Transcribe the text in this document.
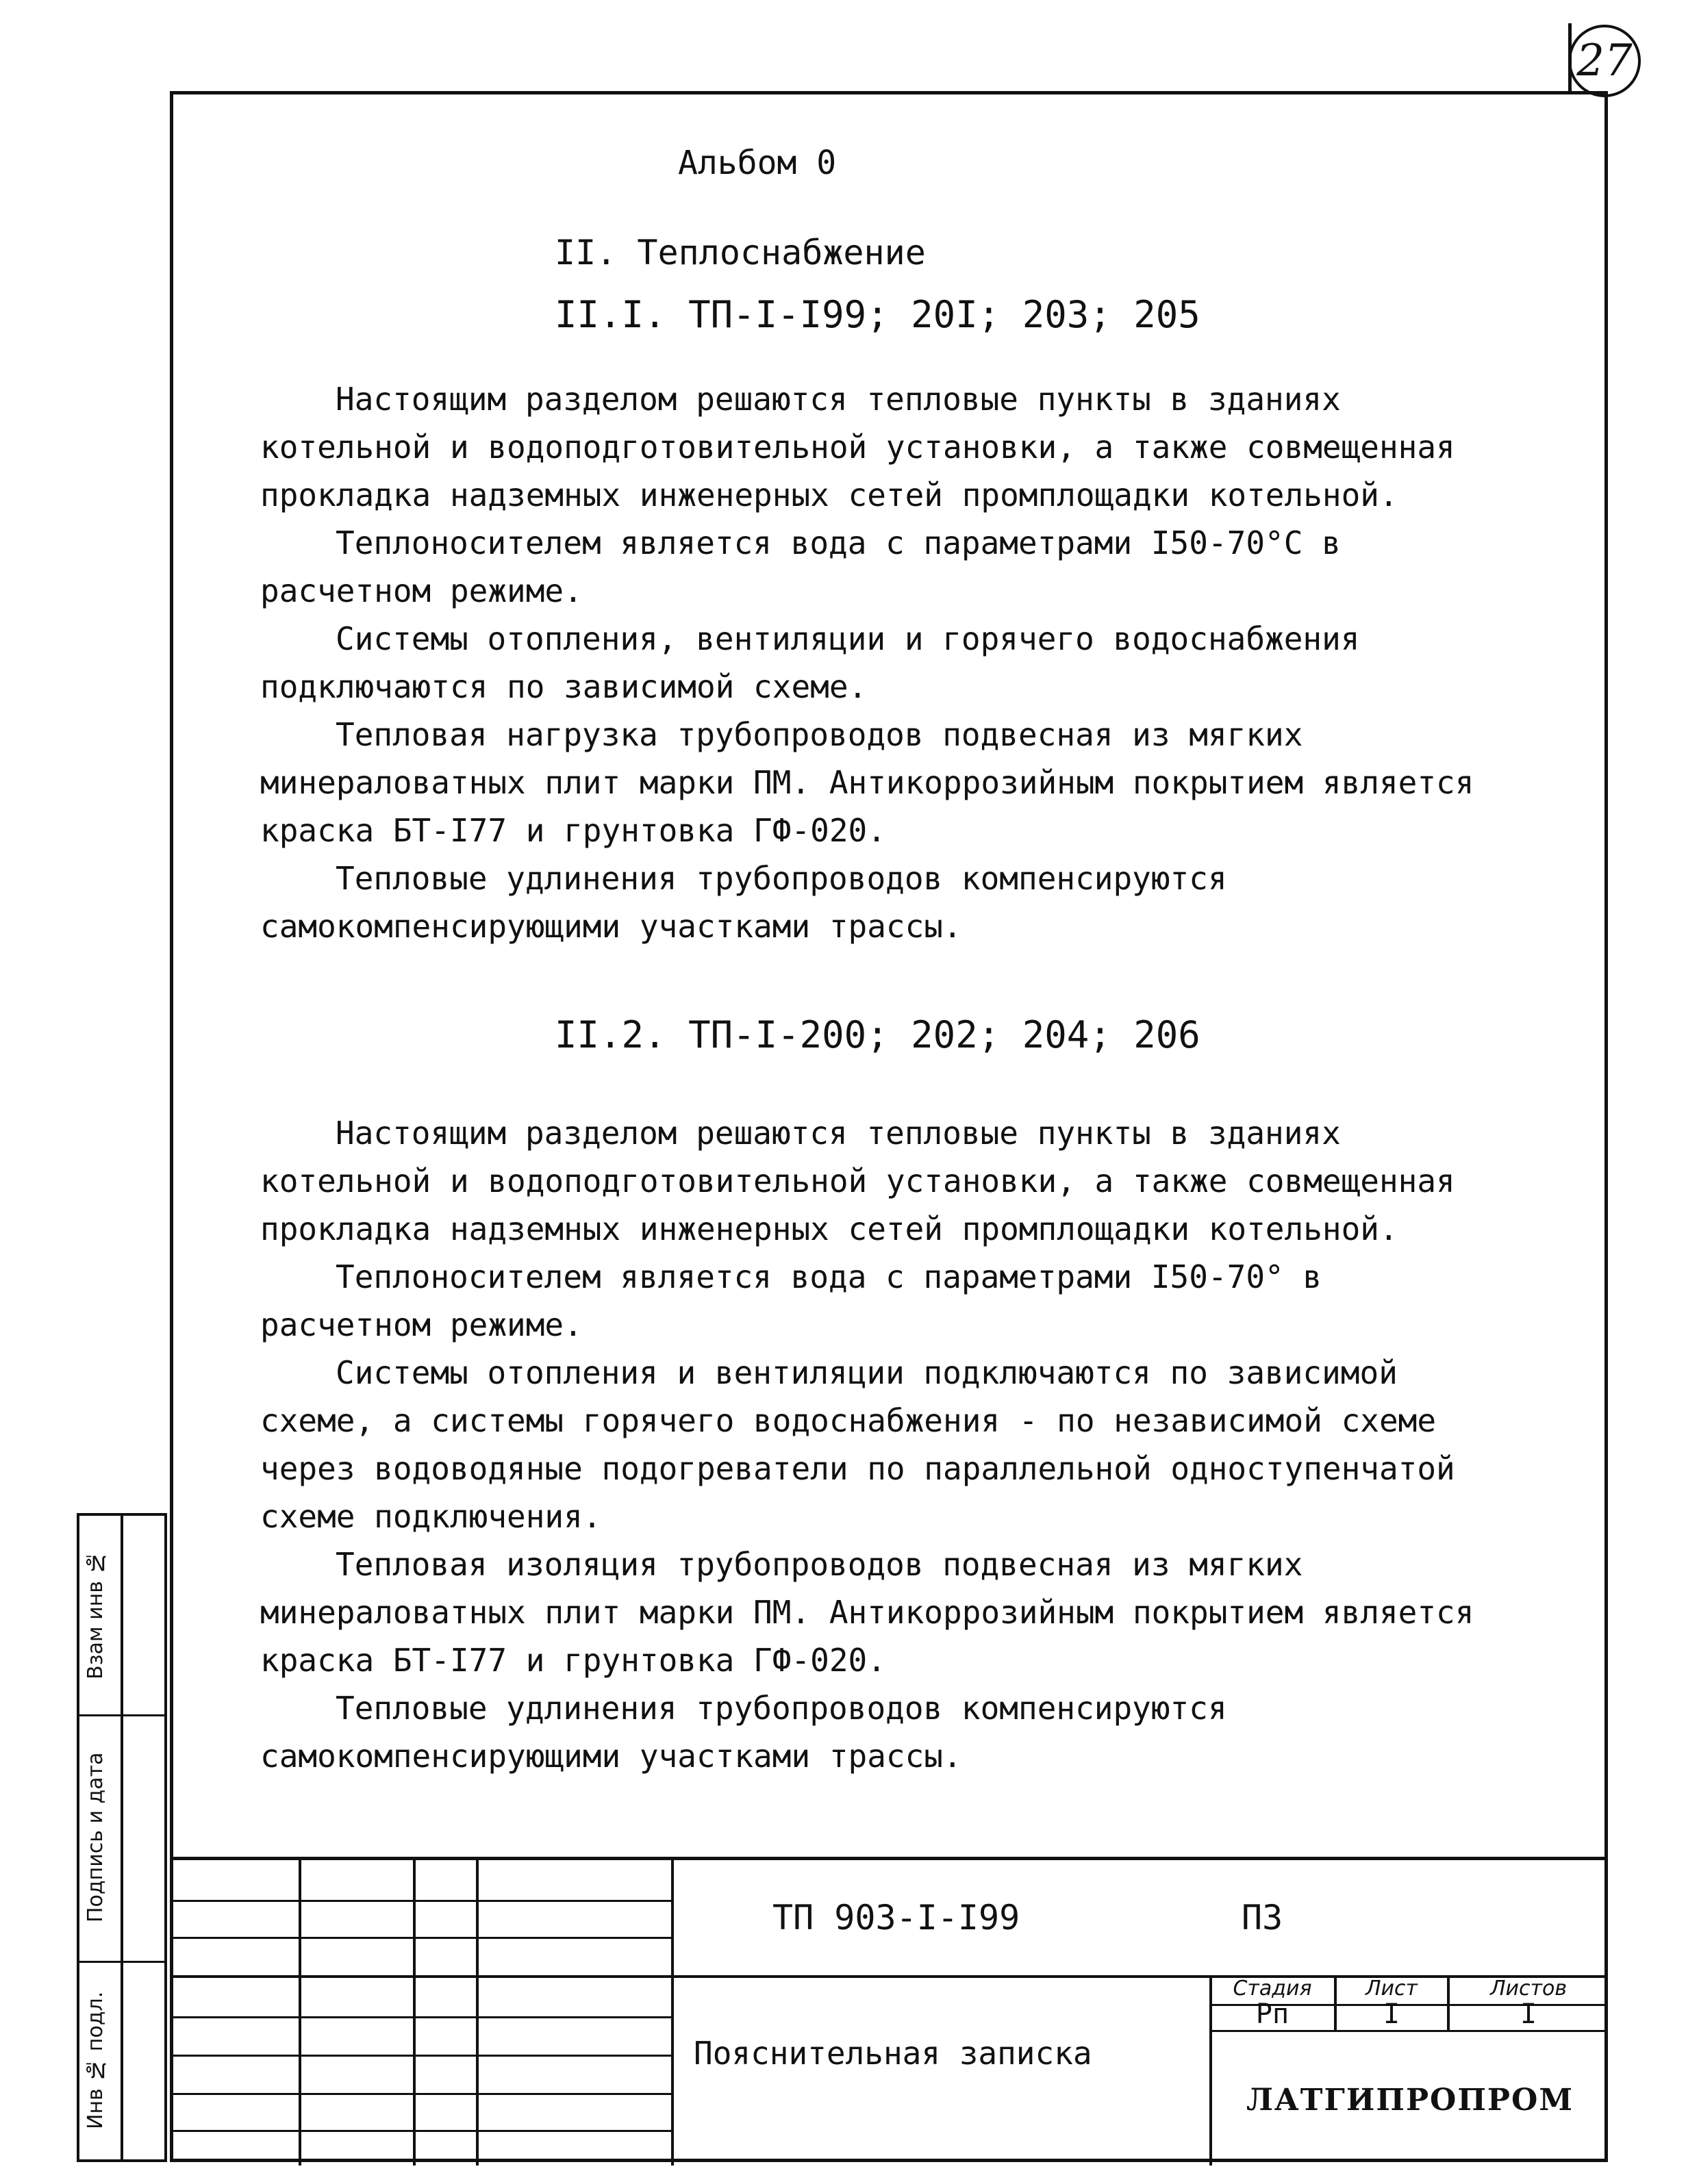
27
Альбом 0
II. Теплоснабжение
II.I. ТП-I-I99; 20I; 203; 205

Настоящим разделом решаются тепловые пункты в зданиях котельной и водоподготовительной установки, а также совмещенная прокладка надземных инженерных сетей промплощадки котельной.

Теплоносителем является вода с параметрами I50-70°С в расчетном режиме.

Системы отопления, вентиляции и горячего водоснабжения подключаются по зависимой схеме.

Тепловая нагрузка трубопроводов подвесная из мягких минераловатных плит марки ПМ. Антикоррозийным покрытием является краска БТ-I77 и грунтовка ГФ-020.

Тепловые удлинения трубопроводов компенсируются самокомпенсирующими участками трассы.

II.2. ТП-I-200; 202; 204; 206

Настоящим разделом решаются тепловые пункты в зданиях котельной и водоподготовительной установки, а также совмещенная прокладка надземных инженерных сетей промплощадки котельной.

Теплоносителем является вода с параметрами I50-70° в расчетном режиме.

Системы отопления и вентиляции подключаются по зависимой схеме, а системы горячего водоснабжения - по независимой схеме через водоводяные подогреватели по параллельной одноступенчатой схеме подключения.

Тепловая изоляция трубопроводов подвесная из мягких минераловатных плит марки ПМ. Антикоррозийным покрытием является краска БТ-I77 и грунтовка ГФ-020.

Тепловые удлинения трубопроводов компенсируются самокомпенсирующими участками трассы.

Взам инв №
Подпись и дата
Инв № подл.
ТП 903-I-I99	ПЗ
Пояснительная записка
Стадия	Лист	Листов
Рп	I	I
ЛАТГИПРОПРОМ
